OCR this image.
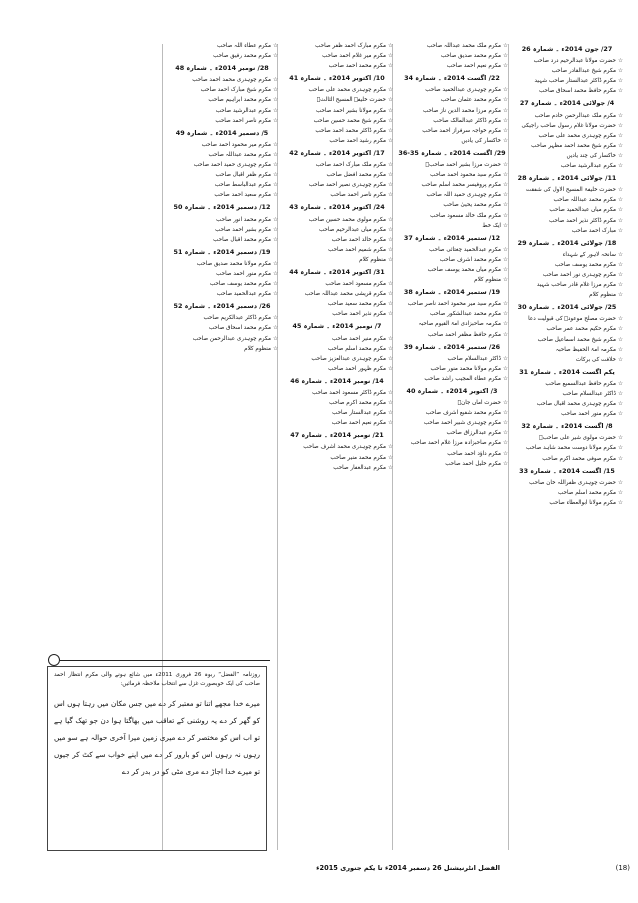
27/ جون 2014ء ۔ شمارہ 26
☆حضرت مولانا عبدالرحیم درد صاحب
☆مکرم شیخ عبدالقادر صاحب
☆مکرم ڈاکٹر عبدالستار صاحب شہید
☆مکرم حافظ محمد اسحاق صاحب
4/ جولائی 2014ء ۔ شمارہ 27
☆مکرم ملک عبدالرحمن خادم صاحب
☆حضرت مولانا غلام رسول صاحب راجیکی
☆مکرم چوہدری محمد علی صاحب
☆مکرم شیخ محمد احمد مظہر صاحب
☆خاکسار کی چند یادیں
☆مکرم عبدالرشید صاحب
11/ جولائی 2014ء ۔ شمارہ 28
☆حضرت خلیفۃ المسیح الاول کی شفقت
☆مکرم محمد عبداللہ صاحب
☆مکرم میاں عبدالحمید صاحب
☆مکرم ڈاکٹر نذیر احمد صاحب
☆مبارک احمد صاحب
18/ جولائی 2014ء ۔ شمارہ 29
☆سانحہ لاہور کے شہداء
☆مکرم محمد یوسف صاحب
☆مکرم چوہدری نور احمد صاحب
☆مکرم مرزا غلام قادر صاحب شہید
☆منظوم کلام
25/ جولائی 2014ء ۔ شمارہ 30
☆حضرت مصلح موعودؓ کی قبولیت دعا
☆مکرم حکیم محمد عمر صاحب
☆مکرم شیخ محمد اسماعیل صاحب
☆مکرمہ امۃ الحفیظ صاحبہ
☆خلافت کی برکات
یکم اگست 2014ء ۔ شمارہ 31
☆مکرم حافظ عبدالسمیع صاحب
☆ڈاکٹر عبدالسلام صاحب
☆مکرم چوہدری محمد اقبال صاحب
☆مکرم منور احمد صاحب
8/ اگست 2014ء ۔ شمارہ 32
☆حضرت مولوی شیر علی صاحبؓ
☆مکرم مولانا دوست محمد شاہد صاحب
☆مکرم صوفی محمد اکرم صاحب
15/ اگست 2014ء ۔ شمارہ 33
☆حضرت چوہدری ظفراللہ خان صاحب
☆مکرم محمد اسلم صاحب
☆مکرم مولانا ابوالعطاء صاحب
☆مکرم ملک محمد عبداللہ صاحب
☆مکرم محمد صدیق صاحب
☆مکرم نعیم احمد صاحب
22/ اگست 2014ء ۔ شمارہ 34
☆مکرم چوہدری عبدالحمید صاحب
☆مکرم محمد عثمان صاحب
☆مکرم مرزا محمد الدین ناز صاحب
☆مکرم ڈاکٹر عبدالمالک صاحب
☆مکرم خواجہ سرفراز احمد صاحب
☆خاکسار کی یادیں
29/ اگست 2014ء ۔ شمارہ 35-36
☆حضرت مرزا بشیر احمد صاحبؓ
☆مکرم سید محمود احمد صاحب
☆مکرم پروفیسر محمد اسلم صاحب
☆مکرم چوہدری حمید اللہ صاحب
☆مکرم محمد یحییٰ صاحب
☆مکرم ملک خالد مسعود صاحب
☆ایک خط
12/ ستمبر 2014ء ۔ شمارہ 37
☆مکرم عبدالحمید چغتائی صاحب
☆مکرم محمد اشرف صاحب
☆مکرم میاں محمد یوسف صاحب
☆منظوم کلام
19/ ستمبر 2014ء ۔ شمارہ 38
☆مکرم سید میر محمود احمد ناصر صاحب
☆مکرم محمد عبدالشکور صاحب
☆مکرمہ صاحبزادی امۃ القیوم صاحبہ
☆مکرم حافظ مظفر احمد صاحب
26/ ستمبر 2014ء ۔ شمارہ 39
☆ڈاکٹر عبدالسلام صاحب
☆مکرم مولانا محمد منور صاحب
☆مکرم عطاء المجیب راشد صاحب
3/ اکتوبر 2014ء ۔ شمارہ 40
☆حضرت اماں جانؓ
☆مکرم محمد شفیع اشرف صاحب
☆مکرم چوہدری شبیر احمد صاحب
☆مکرم عبدالرزاق صاحب
☆مکرم صاحبزادہ مرزا غلام احمد صاحب
☆مکرم داؤد احمد صاحب
☆مکرم خلیل احمد صاحب
☆مکرم مبارک احمد ظفر صاحب
☆مکرم میر غلام احمد صاحب
☆مکرم محمد احمد صاحب
10/ اکتوبر 2014ء ۔ شمارہ 41
☆مکرم چوہدری محمد علی صاحب
☆حضرت خلیفۃ المسیح الثالثؒ
☆مکرم مولانا بشیر احمد صاحب
☆مکرم شیخ محمد حسین صاحب
☆مکرم ڈاکٹر محمد احمد صاحب
☆مکرم رشید احمد صاحب
17/ اکتوبر 2014ء ۔ شمارہ 42
☆مکرم ملک مبارک احمد صاحب
☆مکرم محمد افضل صاحب
☆مکرم چوہدری نصیر احمد صاحب
☆مکرم ناصر احمد صاحب
24/ اکتوبر 2014ء ۔ شمارہ 43
☆مکرم مولوی محمد حسین صاحب
☆مکرم میاں عبدالرحیم صاحب
☆مکرم خالد احمد صاحب
☆مکرم شمیم احمد صاحب
☆منظوم کلام
31/ اکتوبر 2014ء ۔ شمارہ 44
☆مکرم مسعود احمد صاحب
☆مکرم قریشی محمد عبداللہ صاحب
☆مکرم محمد سعید صاحب
☆مکرم نذیر احمد صاحب
7/ نومبر 2014ء ۔ شمارہ 45
☆مکرم منیر احمد صاحب
☆مکرم محمد اسلم صاحب
☆مکرم چوہدری عبدالعزیز صاحب
☆مکرم ظہور احمد صاحب
14/ نومبر 2014ء ۔ شمارہ 46
☆مکرم ڈاکٹر مسعود احمد صاحب
☆مکرم محمد اکرم صاحب
☆مکرم عبدالستار صاحب
☆مکرم نعیم احمد صاحب
21/ نومبر 2014ء ۔ شمارہ 47
☆مکرم چوہدری محمد اشرف صاحب
☆مکرم محمد منیر صاحب
☆مکرم عبدالغفار صاحب
☆مکرم عطاء اللہ صاحب
☆مکرم محمد رفیق صاحب
28/ نومبر 2014ء ۔ شمارہ 48
☆مکرم چوہدری محمد احمد صاحب
☆مکرم شیخ مبارک احمد صاحب
☆مکرم محمد ابراہیم صاحب
☆مکرم عبدالرشید صاحب
☆مکرم ناصر احمد صاحب
5/ دسمبر 2014ء ۔ شمارہ 49
☆مکرم میر محمود احمد صاحب
☆مکرم محمد عبداللہ صاحب
☆مکرم چوہدری حمید احمد صاحب
☆مکرم ظفر اقبال صاحب
☆مکرم عبدالباسط صاحب
☆مکرم سعید احمد صاحب
12/ دسمبر 2014ء ۔ شمارہ 50
☆مکرم محمد انور صاحب
☆مکرم بشیر احمد صاحب
☆مکرم محمد اقبال صاحب
19/ دسمبر 2014ء ۔ شمارہ 51
☆مکرم مولانا محمد صدیق صاحب
☆مکرم منور احمد صاحب
☆مکرم محمد یوسف صاحب
☆مکرم عبدالحمید صاحب
26/ دسمبر 2014ء ۔ شمارہ 52
☆مکرم ڈاکٹر عبدالکریم صاحب
☆مکرم محمد اسحاق صاحب
☆مکرم چوہدری عبدالرحمن صاحب
☆منظوم کلام
روزنامہ ”الفضل“ ربوہ 26 فروری 2011ء میں شائع ہونے والی مکرم انتظار احمد صاحب کی ایک خوبصورت غزل سے انتخاب ملاحظہ فرمائیں:
میرے خدا مجھے اتنا تو معتبر کر دے میں جس مکان میں رہتا ہوں اس کو گھر کر دے یہ روشنی کے تعاقب میں بھاگتا ہوا دن جو تھک گیا ہے تو اب اس کو مختصر کر دے میری زمین میرا آخری حوالہ ہے سو میں رہوں نہ رہوں اس کو بارور کر دے میں اپنے خواب سے کٹ کر جیوں تو میرے خدا اجاڑ دے مری مٹی کو در بدر کر دے
الفضل انٹرنیشنل 26 دسمبر 2014ء تا یکم جنوری 2015ء	(18)
